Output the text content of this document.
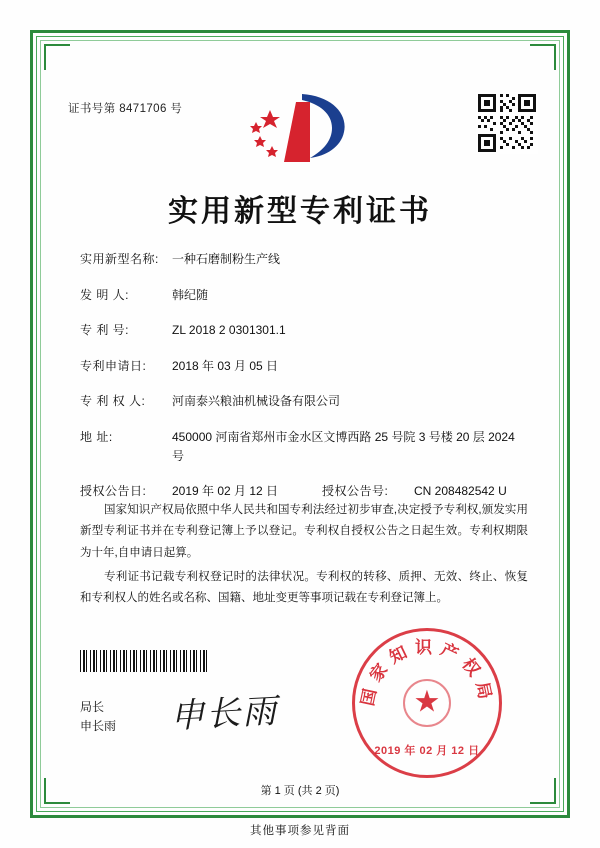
证书号第 8471706 号
实用新型专利证书
实用新型名称:	一种石磨制粉生产线
发 明 人:	韩纪随
专 利 号:	ZL 2018 2 0301301.1
专利申请日:	2018 年 03 月 05 日
专 利 权 人:	河南泰兴粮油机械设备有限公司
地 址:	450000 河南省郑州市金水区文博西路 25 号院 3 号楼 20 层 2024 号
授权公告日:	2019 年 02 月 12 日	授权公告号:	CN 208482542 U

国家知识产权局依照中华人民共和国专利法经过初步审查,决定授予专利权,颁发实用新型专利证书并在专利登记簿上予以登记。专利权自授权公告之日起生效。专利权期限为十年,自申请日起算。

专利证书记载专利权登记时的法律状况。专利权的转移、质押、无效、终止、恢复和专利权人的姓名或名称、国籍、地址变更等事项记载在专利登记簿上。

局长
申长雨 申长雨	国家知识产权局
★
2019 年 02 月 12 日
第 1 页 (共 2 页)
其他事项参见背面
